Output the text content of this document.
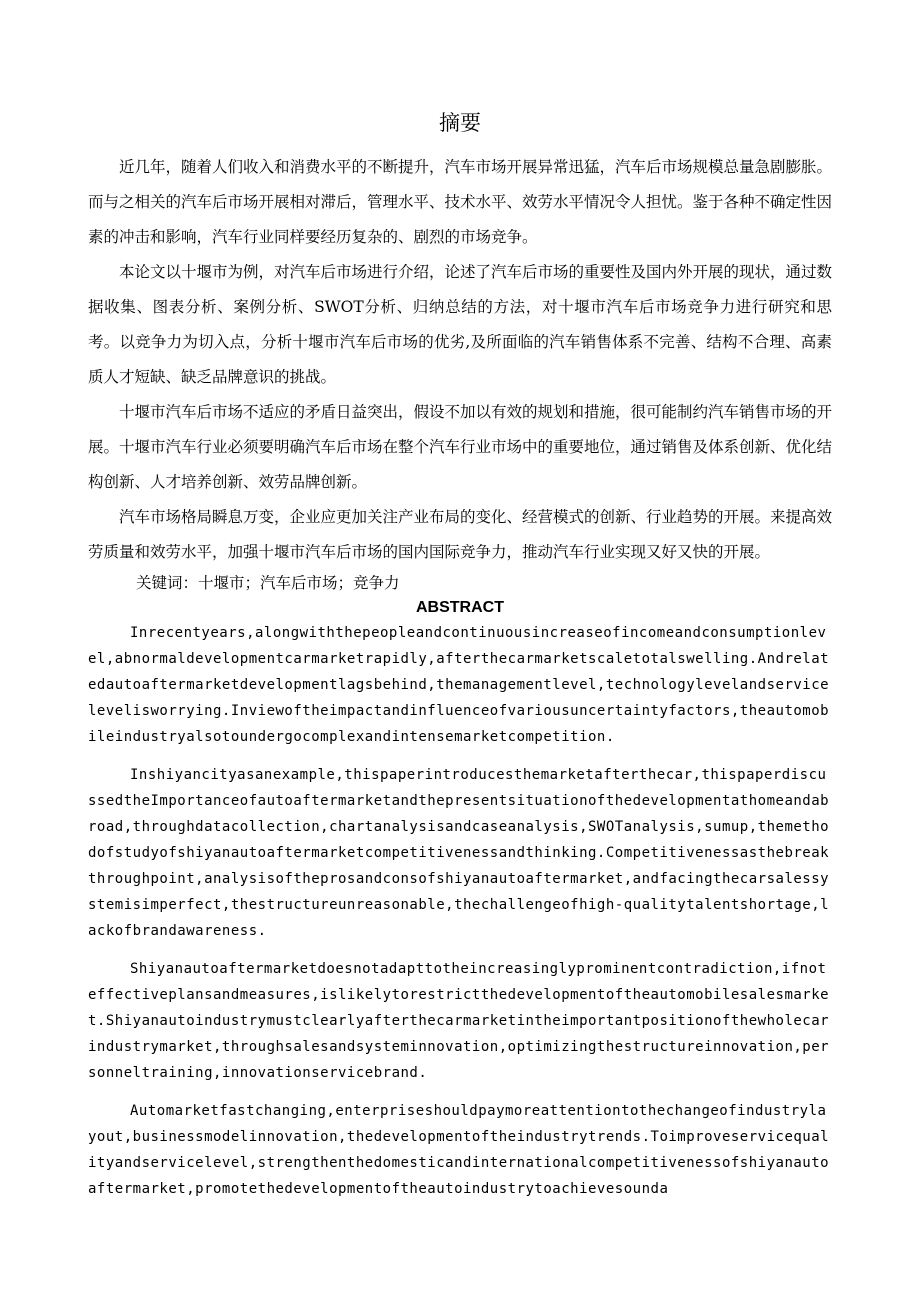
摘要

近几年，随着人们收入和消费水平的不断提升，汽车市场开展异常迅猛，汽车后市场规模总量急剧膨胀。而与之相关的汽车后市场开展相对滞后，管理水平、技术水平、效劳水平情况令人担忧。鉴于各种不确定性因素的冲击和影响，汽车行业同样要经历复杂的、剧烈的市场竞争。

本论文以十堰市为例，对汽车后市场进行介绍，论述了汽车后市场的重要性及国内外开展的现状，通过数据收集、图表分析、案例分析、SWOT分析、归纳总结的方法，对十堰市汽车后市场竞争力进行研究和思考。以竞争力为切入点，分析十堰市汽车后市场的优劣,及所面临的汽车销售体系不完善、结构不合理、高素质人才短缺、缺乏品牌意识的挑战。

十堰市汽车后市场不适应的矛盾日益突出，假设不加以有效的规划和措施，很可能制约汽车销售市场的开展。十堰市汽车行业必须要明确汽车后市场在整个汽车行业市场中的重要地位，通过销售及体系创新、优化结构创新、人才培养创新、效劳品牌创新。

汽车市场格局瞬息万变，企业应更加关注产业布局的变化、经营模式的创新、行业趋势的开展。来提高效劳质量和效劳水平，加强十堰市汽车后市场的国内国际竞争力，推动汽车行业实现又好又快的开展。

关键词：十堰市；汽车后市场；竞争力

ABSTRACT

Inrecentyears,alongwiththepeopleandcontinuousincreaseofincomeandconsumptionlevel,abnormaldevelopmentcarmarketrapidly,afterthecarmarketscaletotalswelling.Andrelatedautoaftermarketdevelopmentlagsbehind,themanagementlevel,technologylevelandservicelevelisworrying.Inviewoftheimpactandinfluenceofvariousuncertaintyfactors,theautomobileindustryalsotoundergocomplexandintensemarketcompetition.

Inshiyancityasanexample,thispaperintroducesthemarketafterthecar,thispaperdiscussedtheImportanceofautoaftermarketandthepresentsituationofthedevelopmentathomeandabroad,throughdatacollection,chartanalysisandcaseanalysis,SWOTanalysis,sumup,themethodofstudyofshiyanautoaftermarketcompetitivenessandthinking.Competitivenessasthebreakthroughpoint,analysisoftheprosandconsofshiyanautoaftermarket,andfacingthecarsalessystemisimperfect,thestructureunreasonable,thechallengeofhigh-qualitytalentshortage,lackofbrandawareness.

Shiyanautoaftermarketdoesnotadapttotheincreasinglyprominentcontradiction,ifnoteffectiveplansandmeasures,islikelytorestrictthedevelopmentoftheautomobilesalesmarket.Shiyanautoindustrymustclearlyafterthecarmarketintheimportantpositionofthewholecarindustrymarket,throughsalesandsysteminnovation,optimizingthestructureinnovation,personneltraining,innovationservicebrand.

Automarketfastchanging,enterpriseshouldpaymoreattentiontothechangeofindustrylayout,businessmodelinnovation,thedevelopmentoftheindustrytrends.Toimproveservicequalityandservicelevel,strengthenthedomesticandinternationalcompetitivenessofshiyanautoaftermarket,promotethedevelopmentoftheautoindustrytoachievesounda
